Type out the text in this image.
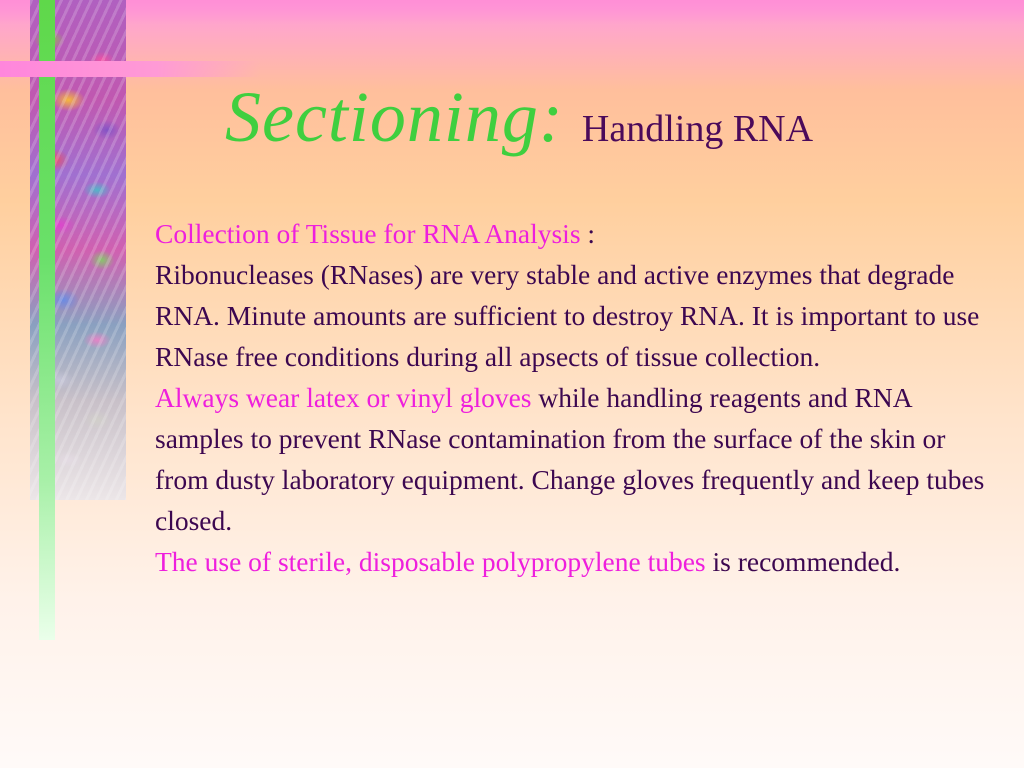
Sectioning: Handling RNA

Collection of Tissue for RNA Analysis :

Ribonucleases (RNases) are very stable and active enzymes that degrade RNA. Minute amounts are sufficient to destroy RNA. It is important to use RNase free conditions during all apsects of tissue collection.

Always wear latex or vinyl gloves while handling reagents and RNA samples to prevent RNase contamination from the surface of the skin or from dusty laboratory equipment. Change gloves frequently and keep tubes closed.

The use of sterile, disposable polypropylene tubes is recommended.
